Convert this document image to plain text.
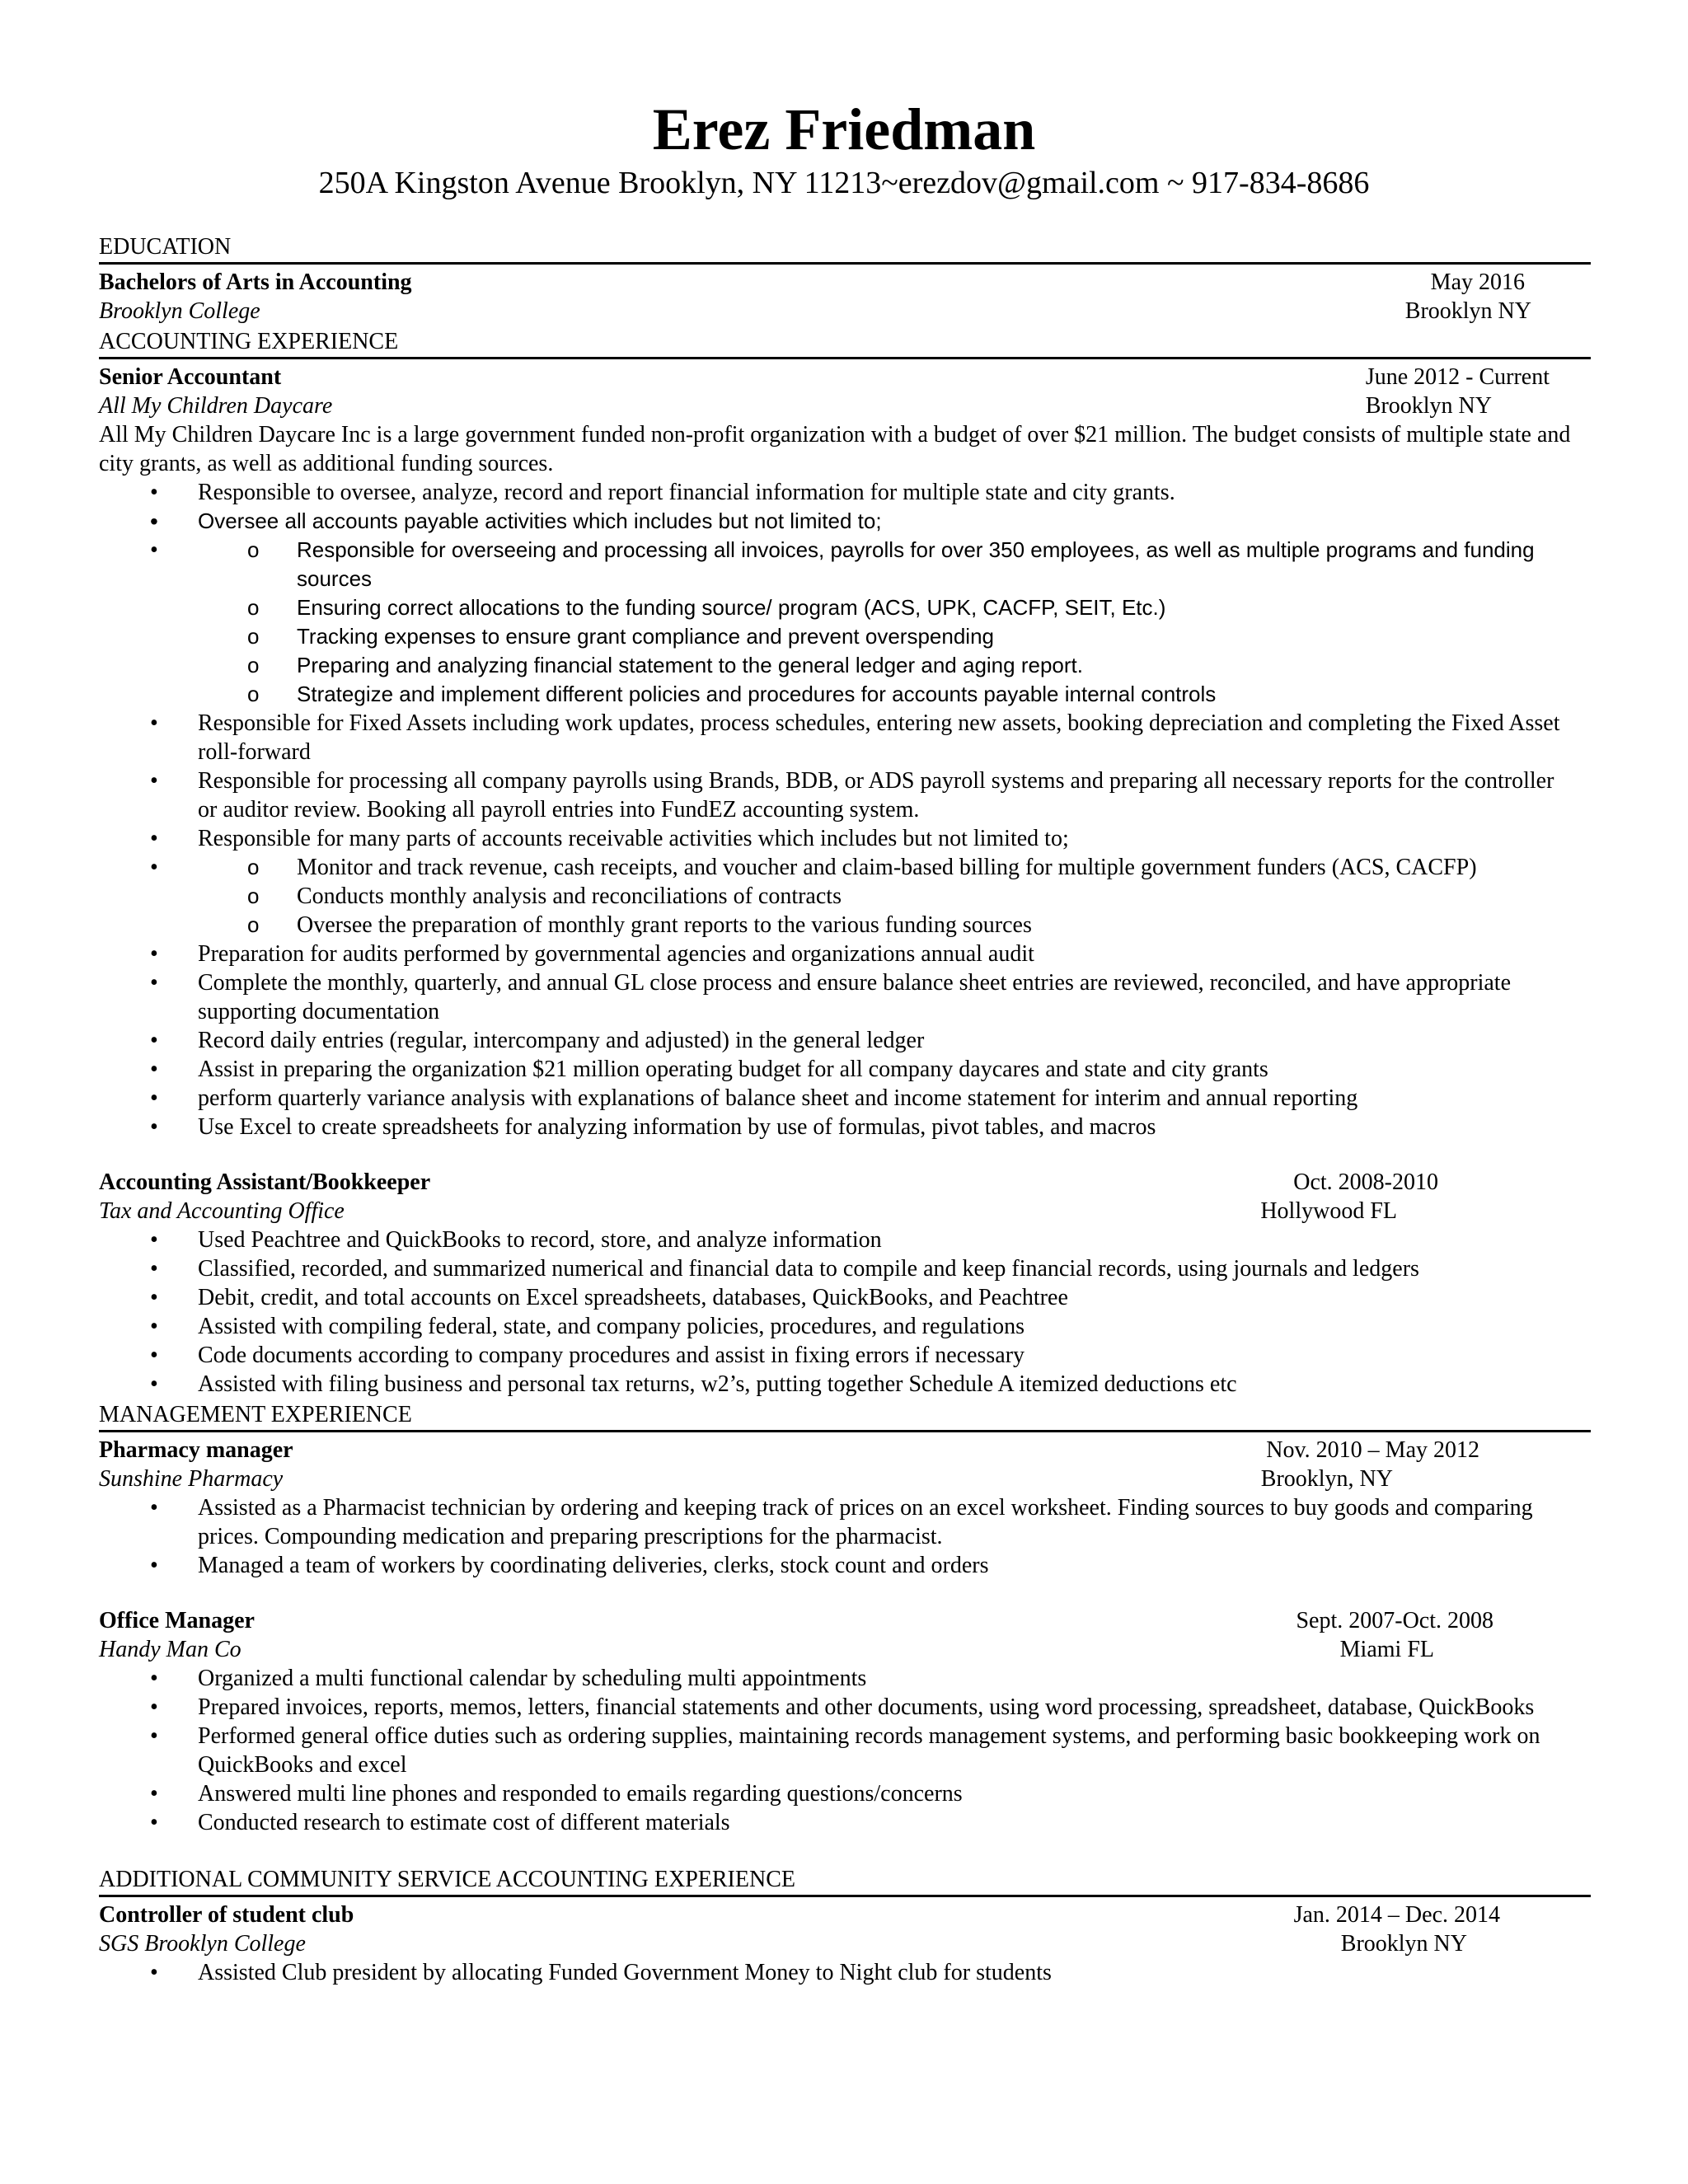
Erez Friedman
250A Kingston Avenue Brooklyn, NY 11213~erezdov@gmail.com ~ 917-834-8686
EDUCATION
Bachelors of Arts in Accounting	May 2016
Brooklyn College	Brooklyn NY
ACCOUNTING EXPERIENCE
Senior Accountant	June 2012 - Current
All My Children Daycare	Brooklyn NY
All My Children Daycare Inc is a large government funded non-profit organization with a budget of over $21 million. The budget consists of multiple state and city grants, as well as additional funding sources.
• Responsible to oversee, analyze, record and report financial information for multiple state and city grants.
• Oversee all accounts payable activities which includes but not limited to;
o • Responsible for overseeing and processing all invoices, payrolls for over 350 employees, as well as multiple programs and funding sources
o Ensuring correct allocations to the funding source/ program (ACS, UPK, CACFP, SEIT, Etc.)
o Tracking expenses to ensure grant compliance and prevent overspending
o Preparing and analyzing financial statement to the general ledger and aging report.
o Strategize and implement different policies and procedures for accounts payable internal controls
• Responsible for Fixed Assets including work updates, process schedules, entering new assets, booking depreciation and completing the Fixed Asset roll-forward
• Responsible for processing all company payrolls using Brands, BDB, or ADS payroll systems and preparing all necessary reports for the controller or auditor review. Booking all payroll entries into FundEZ accounting system.
• Responsible for many parts of accounts receivable activities which includes but not limited to;
o • Monitor and track revenue, cash receipts, and voucher and claim-based billing for multiple government funders (ACS, CACFP)
o Conducts monthly analysis and reconciliations of contracts
o Oversee the preparation of monthly grant reports to the various funding sources
• Preparation for audits performed by governmental agencies and organizations annual audit
• Complete the monthly, quarterly, and annual GL close process and ensure balance sheet entries are reviewed, reconciled, and have appropriate supporting documentation
• Record daily entries (regular, intercompany and adjusted) in the general ledger
• Assist in preparing the organization $21 million operating budget for all company daycares and state and city grants
• perform quarterly variance analysis with explanations of balance sheet and income statement for interim and annual reporting
• Use Excel to create spreadsheets for analyzing information by use of formulas, pivot tables, and macros
Accounting Assistant/Bookkeeper	Oct. 2008-2010
Tax and Accounting Office	Hollywood FL
• Used Peachtree and QuickBooks to record, store, and analyze information
• Classified, recorded, and summarized numerical and financial data to compile and keep financial records, using journals and ledgers
• Debit, credit, and total accounts on Excel spreadsheets, databases, QuickBooks, and Peachtree
• Assisted with compiling federal, state, and company policies, procedures, and regulations
• Code documents according to company procedures and assist in fixing errors if necessary
• Assisted with filing business and personal tax returns, w2’s, putting together Schedule A itemized deductions etc
MANAGEMENT EXPERIENCE
Pharmacy manager	Nov. 2010 – May 2012
Sunshine Pharmacy	Brooklyn, NY
• Assisted as a Pharmacist technician by ordering and keeping track of prices on an excel worksheet. Finding sources to buy goods and comparing prices. Compounding medication and preparing prescriptions for the pharmacist.
• Managed a team of workers by coordinating deliveries, clerks, stock count and orders
Office Manager	Sept. 2007-Oct. 2008
Handy Man Co	Miami FL
• Organized a multi functional calendar by scheduling multi appointments
• Prepared invoices, reports, memos, letters, financial statements and other documents, using word processing, spreadsheet, database, QuickBooks
• Performed general office duties such as ordering supplies, maintaining records management systems, and performing basic bookkeeping work on QuickBooks and excel
• Answered multi line phones and responded to emails regarding questions/concerns
• Conducted research to estimate cost of different materials
ADDITIONAL COMMUNITY SERVICE ACCOUNTING EXPERIENCE
Controller of student club	Jan. 2014 – Dec. 2014
SGS Brooklyn College	Brooklyn NY
• Assisted Club president by allocating Funded Government Money to Night club for students
